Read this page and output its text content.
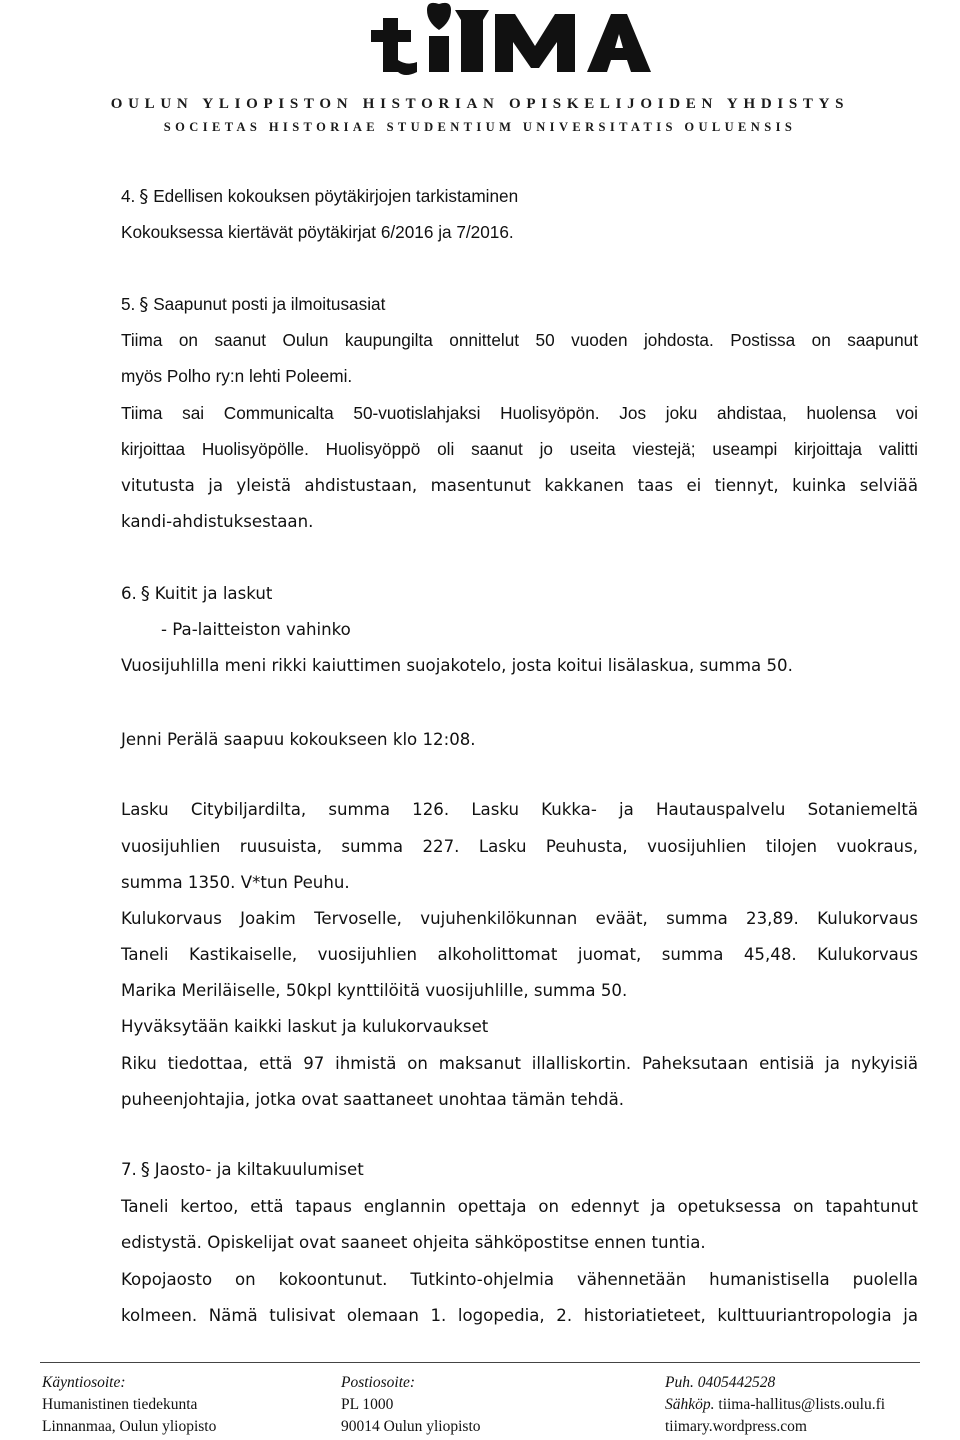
OULUN YLIOPISTON HISTORIAN OPISKELIJOIDEN YHDISTYS
SOCIETAS HISTORIAE STUDENTIUM UNIVERSITATIS OULUENSIS
4. § Edellisen kokouksen pöytäkirjojen tarkistaminen
Kokouksessa kiertävät pöytäkirjat 6/2016 ja 7/2016.
5. § Saapunut posti ja ilmoitusasiat
Tiima on saanut Oulun kaupungilta onnittelut 50 vuoden johdosta. Postissa on saapunut
myös Polho ry:n lehti Poleemi.
Tiima sai Communicalta 50-vuotislahjaksi Huolisyöpön. Jos joku ahdistaa, huolensa voi
kirjoittaa Huolisyöpölle. Huolisyöppö oli saanut jo useita viestejä; useampi kirjoittaja valitti
vitutusta ja yleistä ahdistustaan, masentunut kakkanen taas ei tiennyt, kuinka selviää
kandi-ahdistuksestaan.
6. § Kuitit ja laskut
- Pa-laitteiston vahinko
Vuosijuhlilla meni rikki kaiuttimen suojakotelo, josta koitui lisälaskua, summa 50.
Jenni Perälä saapuu kokoukseen klo 12:08.
Lasku Citybiljardilta, summa 126. Lasku Kukka- ja Hautauspalvelu Sotaniemeltä
vuosijuhlien ruusuista, summa 227. Lasku Peuhusta, vuosijuhlien tilojen vuokraus,
summa 1350. V*tun Peuhu.
Kulukorvaus Joakim Tervoselle, vujuhenkilökunnan eväät, summa 23,89. Kulukorvaus
Taneli Kastikaiselle, vuosijuhlien alkoholittomat juomat, summa 45,48. Kulukorvaus
Marika Meriläiselle, 50kpl kynttilöitä vuosijuhlille, summa 50.
Hyväksytään kaikki laskut ja kulukorvaukset
Riku tiedottaa, että 97 ihmistä on maksanut illalliskortin. Paheksutaan entisiä ja nykyisiä
puheenjohtajia, jotka ovat saattaneet unohtaa tämän tehdä.
7. § Jaosto- ja kiltakuulumiset
Taneli kertoo, että tapaus englannin opettaja on edennyt ja opetuksessa on tapahtunut
edistystä. Opiskelijat ovat saaneet ohjeita sähköpostitse ennen tuntia.
Kopojaosto on kokoontunut. Tutkinto-ohjelmia vähennetään humanistisella puolella
kolmeen. Nämä tulisivat olemaan 1. logopedia, 2. historiatieteet, kulttuuriantropologia ja
Käyntiosoite:
Humanistinen tiedekunta
Linnanmaa, Oulun yliopisto
Postiosoite:
PL 1000
90014 Oulun yliopisto
Puh. 0405442528
Sähköp. tiima-hallitus@lists.oulu.fi
tiimary.wordpress.com
